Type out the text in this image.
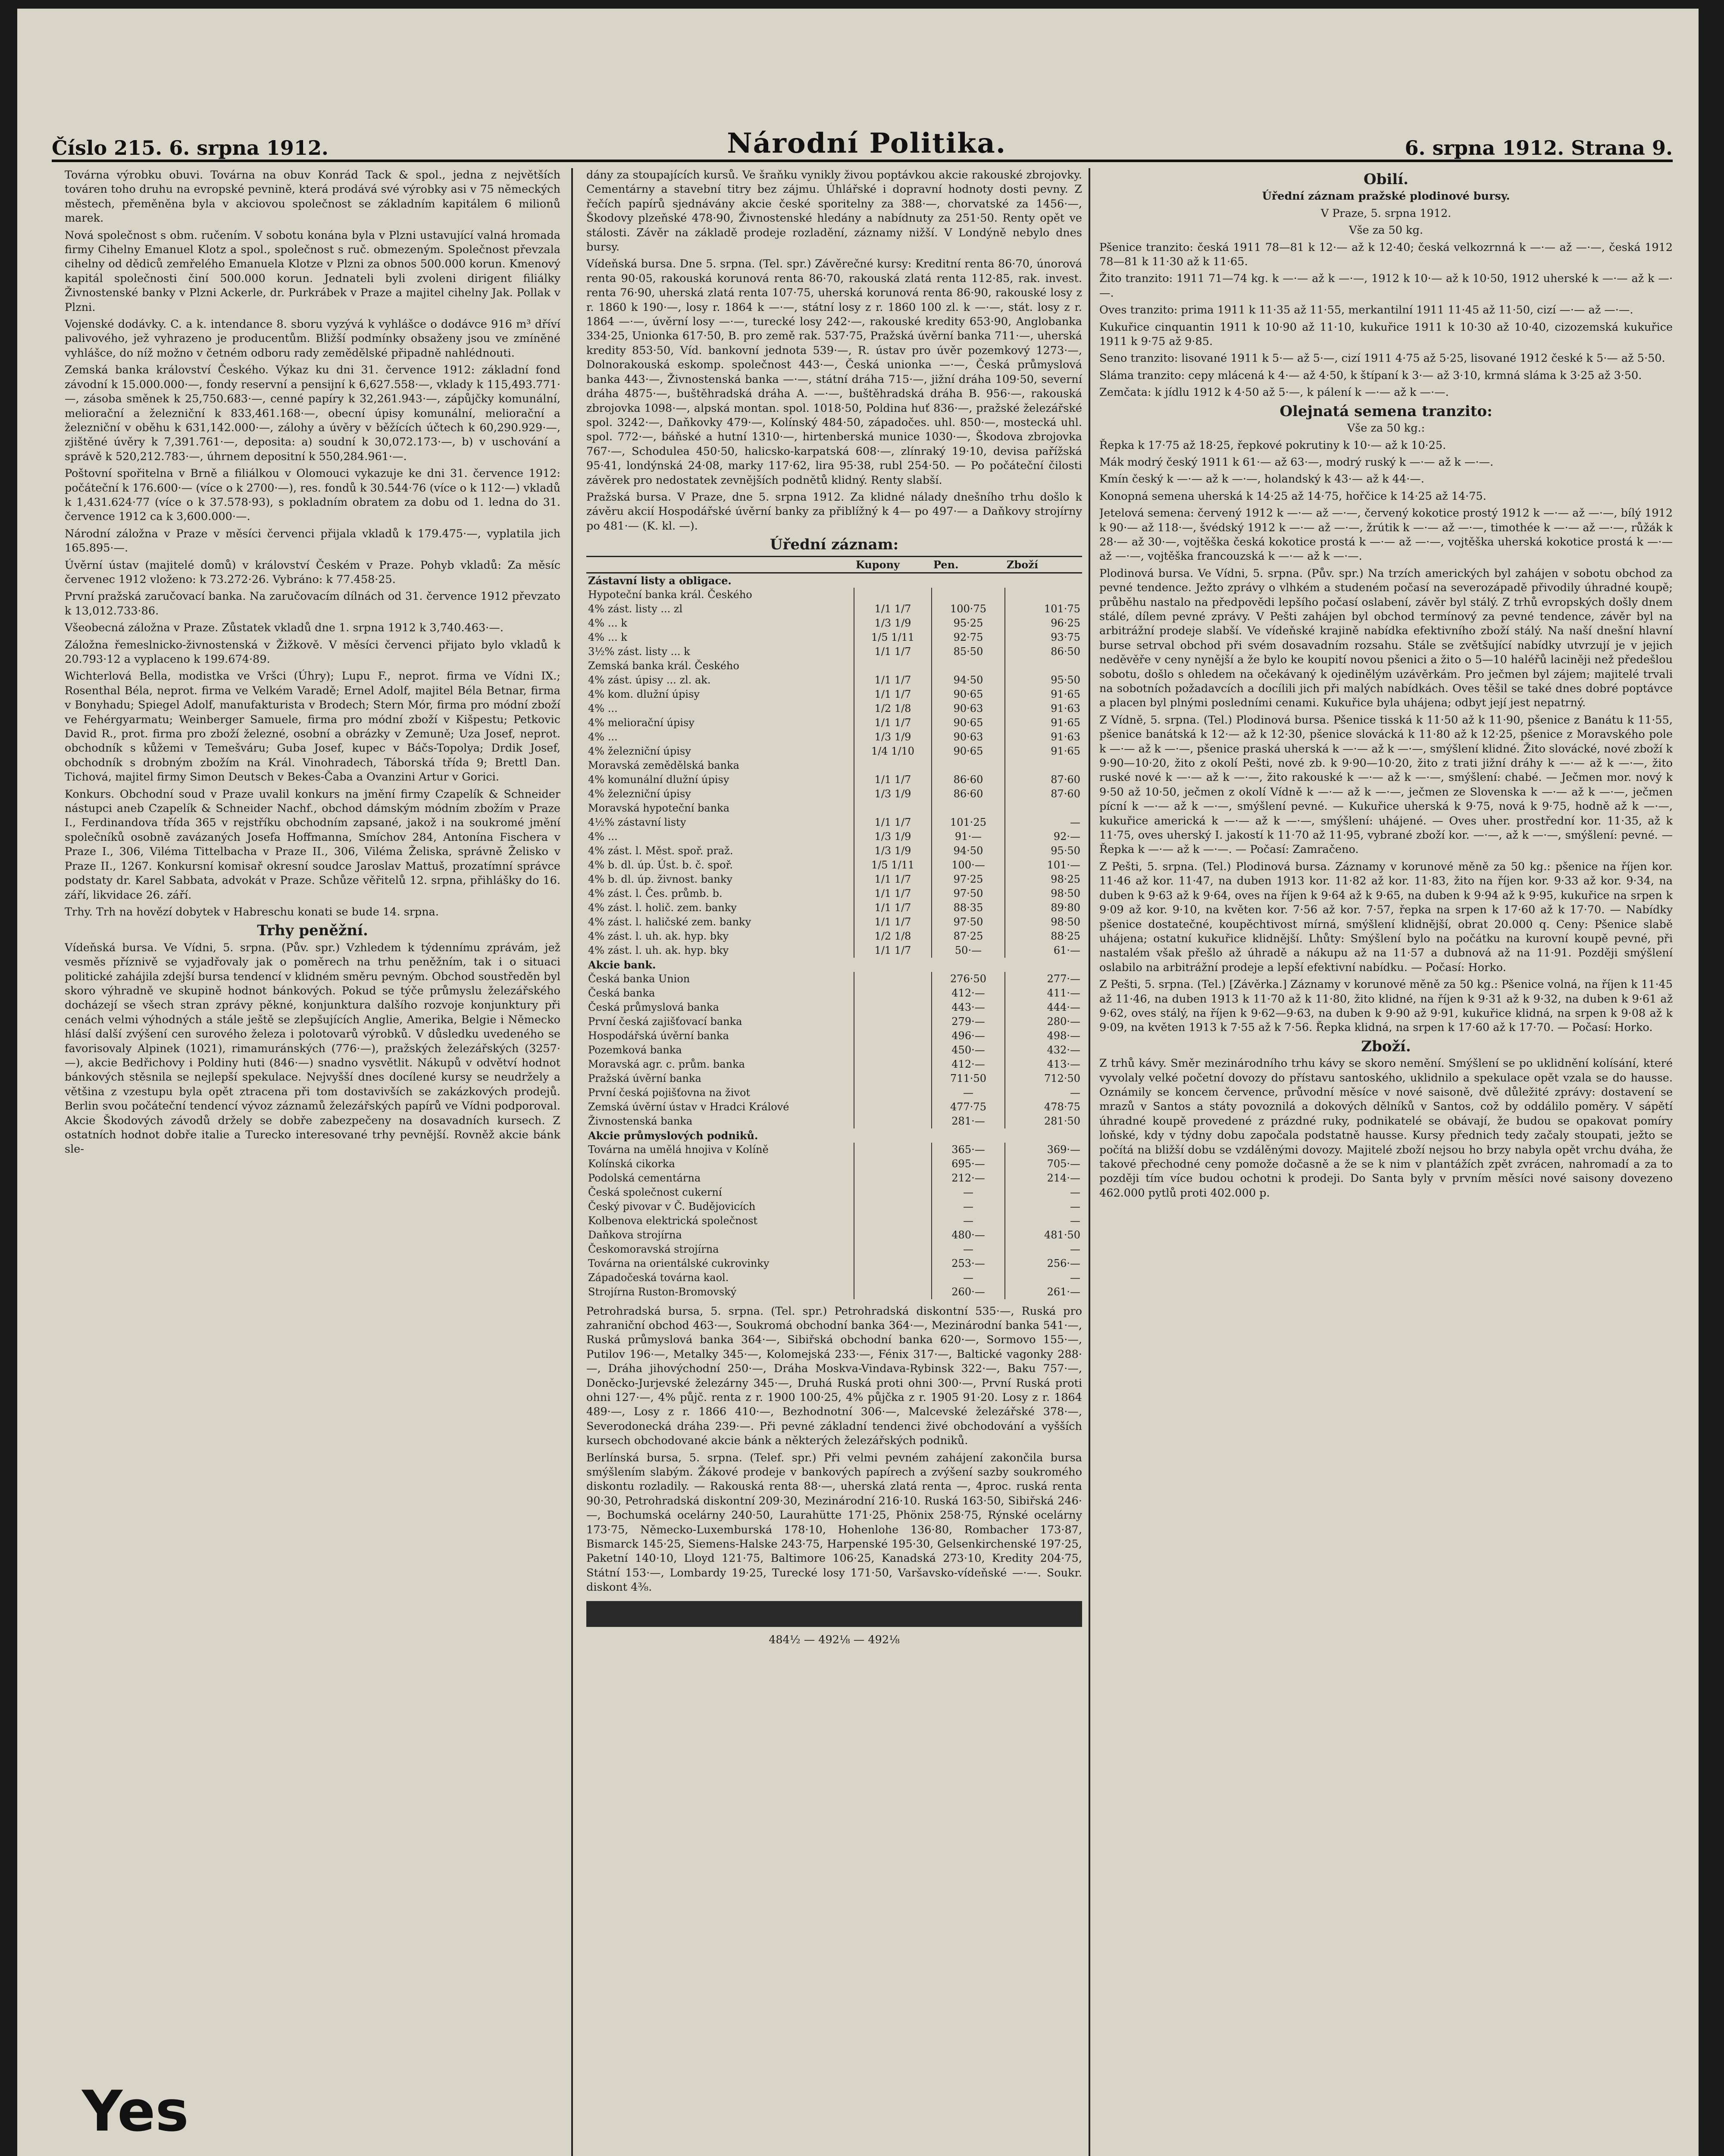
Číslo 215. 6. srpna 1912.	Národní Politika.	6. srpna 1912. Strana 9.

Továrna výrobku obuvi. Továrna na obuv Konrád Tack & spol., jedna z největších továren toho druhu na evropské pevnině, která prodává své výrobky asi v 75 německých městech, přeměněna byla v akciovou společnost se základním kapitálem 6 milionů marek.

Nová společnost s obm. ručením. V sobotu konána byla v Plzni ustavující valná hromada firmy Cihelny Emanuel Klotz a spol., společnost s ruč. obmezeným. Společnost převzala cihelny od dědiců zemřelého Emanuela Klotze v Plzni za obnos 500.000 korun. Kmenový kapitál společnosti činí 500.000 korun. Jednateli byli zvoleni dirigent filiálky Živnostenské banky v Plzni Ackerle, dr. Purkrábek v Praze a majitel cihelny Jak. Pollak v Plzni.

Vojenské dodávky. C. a k. intendance 8. sboru vyzývá k vyhlášce o dodávce 916 m³ dříví palivového, jež vyhrazeno je producentům. Bližší podmínky obsaženy jsou ve zmíněné vyhlášce, do níž možno v četném odboru rady zemědělské připadně nahlédnouti.

Zemská banka království Českého. Výkaz ku dni 31. července 1912: základní fond závodní k 15.000.000·—, fondy reservní a pensijní k 6,627.558·—, vklady k 115,493.771·—, zásoba směnek k 25,750.683·—, cenné papíry k 32,261.943·—, zápůjčky komunální, meliorační a železniční k 833,461.168·—, obecní úpisy komunální, meliorační a železniční v oběhu k 631,142.000·—, zálohy a úvěry v běžících účtech k 60,290.929·—, zjištěné úvěry k 7,391.761·—, deposita: a) soudní k 30,072.173·—, b) v uschování a správě k 520,212.783·—, úhrnem depositní k 550,284.961·—.

Poštovní spořitelna v Brně a filiálkou v Olomouci vykazuje ke dni 31. července 1912: počáteční k 176.600·— (více o k 2700·—), res. fondů k 30.544·76 (více o k 112·—) vkladů k 1,431.624·77 (více o k 37.578·93), s pokladním obratem za dobu od 1. ledna do 31. července 1912 ca k 3,600.000·—.

Národní záložna v Praze v měsíci červenci přijala vkladů k 179.475·—, vyplatila jich 165.895·—.

Úvěrní ústav (majitelé domů) v království Českém v Praze. Pohyb vkladů: Za měsíc červenec 1912 vloženo: k 73.272·26. Vybráno: k 77.458·25.

První pražská zaručovací banka. Na zaručovacím dílnách od 31. července 1912 převzato k 13,012.733·86.

Všeobecná záložna v Praze. Zůstatek vkladů dne 1. srpna 1912 k 3,740.463·—.

Záložna řemeslnicko-živnostenská v Žižkově. V měsíci červenci přijato bylo vkladů k 20.793·12 a vyplaceno k 199.674·89.

Wichterlová Bella, modistka ve Vršci (Úhry); Lupu F., neprot. firma ve Vídni IX.; Rosenthal Béla, neprot. firma ve Velkém Varadě; Ernel Adolf, majitel Béla Betnar, firma v Bonyhadu; Spiegel Adolf, manufakturista v Brodech; Stern Mór, firma pro módní zboží ve Fehérgyarmatu; Weinberger Samuele, firma pro módní zboží v Kišpestu; Petkovic David R., prot. firma pro zboží železné, osobní a obrázky v Zemuně; Uza Josef, neprot. obchodník s kůžemi v Temešváru; Guba Josef, kupec v Báčs-Topolya; Drdik Josef, obchodník s drobným zbožím na Král. Vinohradech, Táborská třída 9; Brettl Dan. Tichová, majitel firmy Simon Deutsch v Bekes-Čaba a Ovanzini Artur v Gorici.

Konkurs. Obchodní soud v Praze uvalil konkurs na jmění firmy Czapelík & Schneider nástupci aneb Czapelík & Schneider Nachf., obchod dámským módním zbožím v Praze I., Ferdinandova třída 365 v rejstříku obchodním zapsané, jakož i na soukromé jmění společníků osobně zavázaných Josefa Hoffmanna, Smíchov 284, Antonína Fischera v Praze I., 306, Viléma Tittelbacha v Praze II., 306, Viléma Želiska, správně Želisko v Praze II., 1267. Konkursní komisař okresní soudce Jaroslav Mattuš, prozatímní správce podstaty dr. Karel Sabbata, advokát v Praze. Schůze věřitelů 12. srpna, přihlášky do 16. září, likvidace 26. září.

Trhy. Trh na hovězí dobytek v Habreschu konati se bude 14. srpna.

Trhy peněžní.

Vídeňská bursa. Ve Vídni, 5. srpna. (Pův. spr.) Vzhledem k týdennímu zprávám, jež vesměs příznivě se vyjadřovaly jak o poměrech na trhu peněžním, tak i o situaci politické zahájila zdejší bursa tendencí v klidném směru pevným. Obchod soustředěn byl skoro výhradně ve skupině hodnot bánkových. Pokud se týče průmyslu železářského docházejí se všech stran zprávy pěkné, konjunktura dalšího rozvoje konjunktury při cenách velmi výhodných a stále ještě se zlepšujících Anglie, Amerika, Belgie i Německo hlásí další zvýšení cen surového železa i polotovarů výrobků. V důsledku uvedeného se favorisovaly Alpinek (1021), rimamuránských (776·—), pražských železářských (3257·—), akcie Bedřichovy i Poldiny huti (846·—) snadno vysvětlit. Nákupů v odvětví hodnot bánkových stěsnila se nejlepší spekulace. Nejvyšší dnes docílené kursy se neudržely a většina z vzestupu byla opět ztracena při tom dostavivších se zakázkových prodejů. Berlin svou počáteční tendencí vývoz záznamů železářských papírů ve Vídni podporoval. Akcie Škodových závodů držely se dobře zabezpečeny na dosavadních kursech. Z ostatních hodnot dobře italie a Turecko interesované trhy pevnější. Rovněž akcie bánk sle-

dány za stoupajících kursů. Ve šraňku vynikly živou poptávkou akcie rakouské zbrojovky. Cementárny a stavební titry bez zájmu. Úhlářské i dopravní hodnoty dosti pevny. Z řečích papírů sjednávány akcie české sporitelny za 388·—, chorvatské za 1456·—, Škodovy plzeňské 478·90, Živnostenské hledány a nabídnuty za 251·50. Renty opět ve stálosti. Závěr na základě prodeje rozladění, záznamy nižší. V Londýně nebylo dnes bursy.

Vídeňská bursa. Dne 5. srpna. (Tel. spr.) Závěrečné kursy: Kreditní renta 86·70, únorová renta 90·05, rakouská korunová renta 86·70, rakouská zlatá renta 112·85, rak. invest. renta 76·90, uherská zlatá renta 107·75, uherská korunová renta 86·90, rakouské losy z r. 1860 k 190·—, losy r. 1864 k —·—, státní losy z r. 1860 100 zl. k —·—, stát. losy z r. 1864 —·—, úvěrní losy —·—, turecké losy 242·—, rakouské kredity 653·90, Anglobanka 334·25, Unionka 617·50, B. pro země rak. 537·75, Pražská úvěrní banka 711·—, uherská kredity 853·50, Víd. bankovní jednota 539·—, R. ústav pro úvěr pozemkový 1273·—, Dolnorakouská eskomp. společnost 443·—, Česká unionka —·—, Česká průmyslová banka 443·—, Živnostenská banka —·—, státní dráha 715·—, jižní dráha 109·50, severní dráha 4875·—, buštěhradská dráha A. —·—, buštěhradská dráha B. 956·—, rakouská zbrojovka 1098·—, alpská montan. spol. 1018·50, Poldina huť 836·—, pražské železářské spol. 3242·—, Daňkovky 479·—, Kolínský 484·50, západočes. uhl. 850·—, mostecká uhl. spol. 772·—, báňské a hutní 1310·—, hirtenberská munice 1030·—, Škodova zbrojovka 767·—, Schodulea 450·50, halicsko-karpatská 608·—, zlínraký 19·10, devisa pařížská 95·41, londýnská 24·08, marky 117·62, lira 95·38, rubl 254·50. — Po počáteční čilosti závěrek pro nedostatek zevnějších podnětů klidný. Renty slabší.

Pražská bursa. V Praze, dne 5. srpna 1912. Za klidné nálady dnešního trhu došlo k závěru akcií Hospodářské úvěrní banky za přiblížný k 4— po 497·— a Daňkovy strojírny po 481·— (K. kl. —).

Úřední záznam:
	Kupony	Pen.	Zboží
Zástavní listy a obligace.			
Hypoteční banka král. Českého			
4% zást. listy ... zl	1/1 1/7	100·75	101·75
4% ... k	1/3 1/9	95·25	96·25
4% ... k	1/5 1/11	92·75	93·75
3½% zást. listy ... k	1/1 1/7	85·50	86·50
Zemská banka král. Českého			
4% zást. úpisy ... zl. ak.	1/1 1/7	94·50	95·50
4% kom. dlužní úpisy	1/1 1/7	90·65	91·65
4% ...	1/2 1/8	90·63	91·63
4% meliorační úpisy	1/1 1/7	90·65	91·65
4% ...	1/3 1/9	90·63	91·63
4% železniční úpisy	1/4 1/10	90·65	91·65
Moravská zemědělská banka			
4% komunální dlužní úpisy	1/1 1/7	86·60	87·60
4% železniční úpisy	1/3 1/9	86·60	87·60
Moravská hypoteční banka			
4½% zástavní listy	1/1 1/7	101·25	—
4% ...	1/3 1/9	91·—	92·—
4% zást. l. Měst. spoř. praž.	1/3 1/9	94·50	95·50
4% b. dl. úp. Úst. b. č. spoř.	1/5 1/11	100·—	101·—
4% b. dl. úp. živnost. banky	1/1 1/7	97·25	98·25
4% zást. l. Čes. průmb. b.	1/1 1/7	97·50	98·50
4% zást. l. holič. zem. banky	1/1 1/7	88·35	89·80
4% zást. l. haličské zem. banky	1/1 1/7	97·50	98·50
4% zást. l. uh. ak. hyp. bky	1/2 1/8	87·25	88·25
4% zást. l. uh. ak. hyp. bky	1/1 1/7	50·—	61·—
Akcie bank.			
Česká banka Union		276·50	277·—
Česká banka		412·—	411·—
Česká průmyslová banka		443·—	444·—
První česká zajišťovací banka		279·—	280·—
Hospodářská úvěrní banka		496·—	498·—
Pozemková banka		450·—	432·—
Moravská agr. c. prům. banka		412·—	413·—
Pražská úvěrní banka		711·50	712·50
První česká pojišťovna na život		—	—
Zemská úvěrní ústav v Hradci Králové		477·75	478·75
Živnostenská banka		281·—	281·50
Akcie průmyslových podniků.			
Továrna na umělá hnojiva v Kolíně		365·—	369·—
Kolínská cikorka		695·—	705·—
Podolská cementárna		212·—	214·—
Česká společnost cukerní		—	—
Český pivovar v Č. Budějovicích		—	—
Kolbenova elektrická společnost		—	—
Daňkova strojírna		480·—	481·50
Českomoravská strojírna		—	—
Továrna na orientálské cukrovinky		253·—	256·—
Západočeská továrna kaol.		—	—
Strojírna Ruston-Bromovský		260·—	261·—

Petrohradská bursa, 5. srpna. (Tel. spr.) Petrohradská diskontní 535·—, Ruská pro zahraniční obchod 463·—, Soukromá obchodní banka 364·—, Mezinárodní banka 541·—, Ruská průmyslová banka 364·—, Sibiřská obchodní banka 620·—, Sormovo 155·—, Putilov 196·—, Metalky 345·—, Kolomejská 233·—, Fénix 317·—, Baltické vagonky 288·—, Dráha jihovýchodní 250·—, Dráha Moskva-Vindava-Rybinsk 322·—, Baku 757·—, Doněcko-Jurjevské železárny 345·—, Druhá Ruská proti ohni 300·—, První Ruská proti ohni 127·—, 4% půjč. renta z r. 1900 100·25, 4% půjčka z r. 1905 91·20. Losy z r. 1864 489·—, Losy z r. 1866 410·—, Bezhodnotní 306·—, Malcevské železářské 378·—, Severodonecká dráha 239·—. Při pevné základní tendenci živé obchodování a vyšších kursech obchodované akcie bánk a některých železářských podniků.

Berlínská bursa, 5. srpna. (Telef. spr.) Při velmi pevném zahájení zakončila bursa smýšlením slabým. Žákové prodeje v bankových papírech a zvýšení sazby soukromého diskontu rozladily. — Rakouská renta 88·—, uherská zlatá renta —, 4proc. ruská renta 90·30, Petrohradská diskontní 209·30, Mezinárodní 216·10. Ruská 163·50, Sibiřská 246·—, Bochumská ocelárny 240·50, Laurahütte 171·25, Phönix 258·75, Rýnské ocelárny 173·75, Německo-Luxemburská 178·10, Hohenlohe 136·80, Rombacher 173·87, Bismarck 145·25, Siemens-Halske 243·75, Harpenské 195·30, Gelsenkirchenské 197·25, Paketní 140·10, Lloyd 121·75, Baltimore 106·25, Kanadská 273·10, Kredity 204·75, Státní 153·—, Lombardy 19·25, Turecké losy 171·50, Varšavsko-vídeňské —·—. Soukr. diskont 4³⁄₈.

484½ — 492⅛ — 492⅛

Obilí.

Úřední záznam pražské plodinové bursy.

V Praze, 5. srpna 1912.

Vše za 50 kg.

Pšenice tranzito: česká 1911 78—81 k 12·— až k 12·40; česká velkozrnná k —·— až —·—, česká 1912 78—81 k 11·30 až k 11·65.

Žito tranzito: 1911 71—74 kg. k —·— až k —·—, 1912 k 10·— až k 10·50, 1912 uherské k —·— až k —·—.

Oves tranzito: prima 1911 k 11·35 až 11·55, merkantilní 1911 11·45 až 11·50, cizí —·— až —·—.

Kukuřice cinquantin 1911 k 10·90 až 11·10, kukuřice 1911 k 10·30 až 10·40, cizozemská kukuřice 1911 k 9·75 až 9·85.

Seno tranzito: lisované 1911 k 5·— až 5·—, cizí 1911 4·75 až 5·25, lisované 1912 české k 5·— až 5·50.

Sláma tranzito: cepy mlácená k 4·— až 4·50, k štípaní k 3·— až 3·10, krmná sláma k 3·25 až 3·50.

Zemčata: k jídlu 1912 k 4·50 až 5·—, k pálení k —·— až k —·—.

Olejnatá semena tranzito:

Vše za 50 kg.:

Řepka k 17·75 až 18·25, řepkové pokrutiny k 10·— až k 10·25.

Mák modrý český 1911 k 61·— až 63·—, modrý ruský k —·— až k —·—.

Kmín český k —·— až k —·—, holandský k 43·— až k 44·—.

Konopná semena uherská k 14·25 až 14·75, hořčice k 14·25 až 14·75.

Jetelová semena: červený 1912 k —·— až —·—, červený kokotice prostý 1912 k —·— až —·—, bílý 1912 k 90·— až 118·—, švédský 1912 k —·— až —·—, žrútik k —·— až —·—, timothée k —·— až —·—, růžák k 28·— až 30·—, vojtěška česká kokotice prostá k —·— až —·—, vojtěška uherská kokotice prostá k —·— až —·—, vojtěška francouzská k —·— až k —·—.

Plodinová bursa. Ve Vídni, 5. srpna. (Pův. spr.) Na trzích amerických byl zahájen v sobotu obchod za pevné tendence. Ježto zprávy o vlhkém a studeném počasí na severozápadě přivodily úhradné koupě; průběhu nastalo na předpovědi lepšího počasí oslabení, závěr byl stálý. Z trhů evropských došly dnem stálé, dílem pevné zprávy. V Pešti zahájen byl obchod termínový za pevné tendence, závěr byl na arbitrážní prodeje slabší. Ve vídeňské krajině nabídka efektivního zboží stálý. Na naší dnešní hlavní burse setrval obchod při svém dosavadním rozsahu. Stále se zvětšující nabídky utvrzují je v jejich neděvěře v ceny nynější a že bylo ke koupití novou pšenici a žito o 5—10 haléřů laciněji než předešlou sobotu, došlo s ohledem na očekávaný k ojedinělým uzávěrkám. Pro ječmen byl zájem; majitelé trvali na sobotních požadavcích a docílili jich při malých nabídkách. Oves těšil se také dnes dobré poptávce a placen byl plnými posledními cenami. Kukuřice byla uhájena; odbyt její jest nepatrný.

Z Vídně, 5. srpna. (Tel.) Plodinová bursa. Pšenice tisská k 11·50 až k 11·90, pšenice z Banátu k 11·55, pšenice banátská k 12·— až k 12·30, pšenice slovácká k 11·80 až k 12·25, pšenice z Moravského pole k —·— až k —·—, pšenice praská uherská k —·— až k —·—, smýšlení klidné. Žito slovácké, nové zboží k 9·90—10·20, žito z okolí Pešti, nové zb. k 9·90—10·20, žito z trati jižní dráhy k —·— až k —·—, žito ruské nové k —·— až k —·—, žito rakouské k —·— až k —·—, smýšlení: chabé. — Ječmen mor. nový k 9·50 až 10·50, ječmen z okolí Vídně k —·— až k —·—, ječmen ze Slovenska k —·— až k —·—, ječmen pícní k —·— až k —·—, smýšlení pevné. — Kukuřice uherská k 9·75, nová k 9·75, hodně až k —·—, kukuřice americká k —·— až k —·—, smýšlení: uhájené. — Oves uher. prostřední kor. 11·35, až k 11·75, oves uherský I. jakostí k 11·70 až 11·95, vybrané zboží kor. —·—, až k —·—, smýšlení: pevné. — Řepka k —·— až k —·—. — Počasí: Zamračeno.

Z Pešti, 5. srpna. (Tel.) Plodinová bursa. Záznamy v korunové měně za 50 kg.: pšenice na říjen kor. 11·46 až kor. 11·47, na duben 1913 kor. 11·82 až kor. 11·83, žito na říjen kor. 9·33 až kor. 9·34, na duben k 9·63 až k 9·64, oves na říjen k 9·64 až k 9·65, na duben k 9·94 až k 9·95, kukuřice na srpen k 9·09 až kor. 9·10, na květen kor. 7·56 až kor. 7·57, řepka na srpen k 17·60 až k 17·70. — Nabídky pšenice dostatečné, koupěchtivost mírná, smýšlení klidnější, obrat 20.000 q. Ceny: Pšenice slabě uhájena; ostatní kukuřice klidnější. Lhůty: Smýšlení bylo na počátku na kurovní koupě pevné, při nastalém však přešlo až úhradě a nákupu až na 11·57 a dubnová až na 11·91. Později smýšlení oslabilo na arbitrážní prodeje a lepší efektivní nabídku. — Počasí: Horko.

Z Pešti, 5. srpna. (Tel.) [Závěrka.] Záznamy v korunové měně za 50 kg.: Pšenice volná, na říjen k 11·45 až 11·46, na duben 1913 k 11·70 až k 11·80, žito klidné, na říjen k 9·31 až k 9·32, na duben k 9·61 až 9·62, oves stálý, na říjen k 9·62—9·63, na duben k 9·90 až 9·91, kukuřice klidná, na srpen k 9·08 až k 9·09, na květen 1913 k 7·55 až k 7·56. Řepka klidná, na srpen k 17·60 až k 17·70. — Počasí: Horko.

Zboží.

Z trhů kávy. Směr mezinárodního trhu kávy se skoro nemění. Smýšlení se po uklidnění kolísání, které vyvolaly velké početní dovozy do přístavu santoského, uklidnilo a spekulace opět vzala se do hausse. Oznámily se koncem července, průvodní měsíce v nové saisoně, dvě důležité zprávy: dostavení se mrazů v Santos a státy povoznilá a dokových dělníků v Santos, což by oddálilo poměry. V sápětí úhradné koupě provedené z prázdné ruky, podnikatelé se obávají, že budou se opakovat pomíry loňské, kdy v týdny dobu započala podstatně hausse. Kursy přednich tedy začaly stoupati, ježto se počítá na bližší dobu se vzdálěnými dovozy. Majitelé zboží nejsou ho brzy nabyla opět vrchu dváha, že takové přechodné ceny pomože dočasně a že se k nim v plantážích zpět zvrácen, nahromadí a za to později tím více budou ochotni k prodeji. Do Santa byly v prvním měsíci nové saisony dovezeno 462.000 pytlů proti 402.000 p.

Yes
